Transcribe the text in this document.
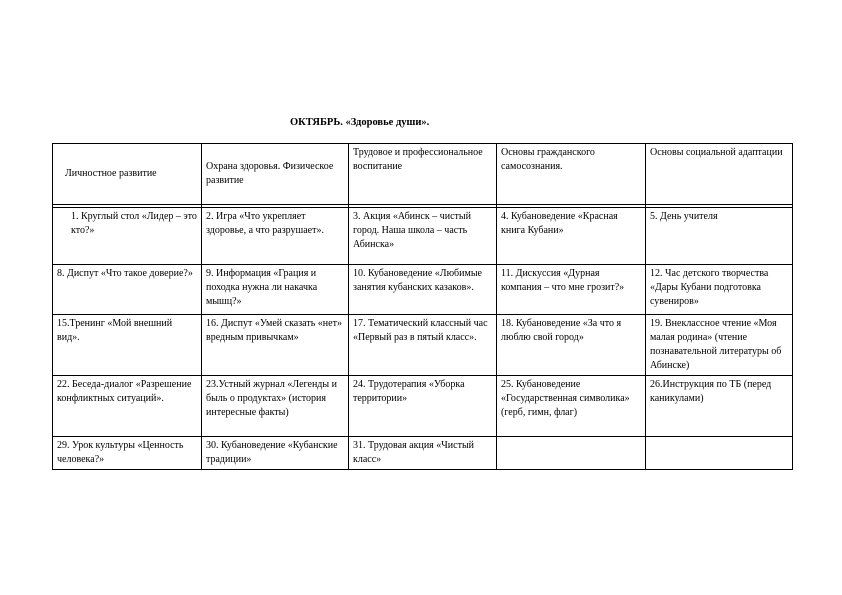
ОКТЯБРЬ. «Здоровье души».
Личностное развитие	Охрана здоровья. Физическое развитие	Трудовое и профессиональное воспитание	Основы гражданского самосознания.	Основы социальной адаптации

1. Круглый стол «Лидер – это кто?»	2. Игра «Что укрепляет здоровье, а что разрушает».	3. Акция «Абинск – чистый город. Наша школа – часть Абинска»	4. Кубановедение «Красная книга Кубани»	5. День учителя
8. Диспут «Что такое доверие?»	9. Информация «Грация и походка нужна ли накачка мышц?»	10. Кубановедение «Любимые занятия кубанских казаков».	11. Дискуссия «Дурная компания – что мне грозит?»	12. Час детского творчества «Дары Кубани подготовка сувениров»
15.Тренинг «Мой внешний вид».	16. Диспут «Умей сказать «нет» вредным привычкам»	17. Тематический классный час «Первый раз в пятый класс».	18. Кубановедение «За что я люблю свой город»	19. Внеклассное чтение «Моя малая родина» (чтение познавательной литературы об Абинске)
22. Беседа-диалог «Разрешение конфликтных ситуаций».	23.Устный журнал «Легенды и быль о продуктах» (история интересные факты)	24. Трудотерапия «Уборка территории»	25. Кубановедение «Государственная символика» (герб, гимн, флаг)	26.Инструкция по ТБ (перед каникулами)
29. Урок культуры «Ценность человека?»	30. Кубановедение «Кубанские традиции»	31. Трудовая акция «Чистый класс»		
